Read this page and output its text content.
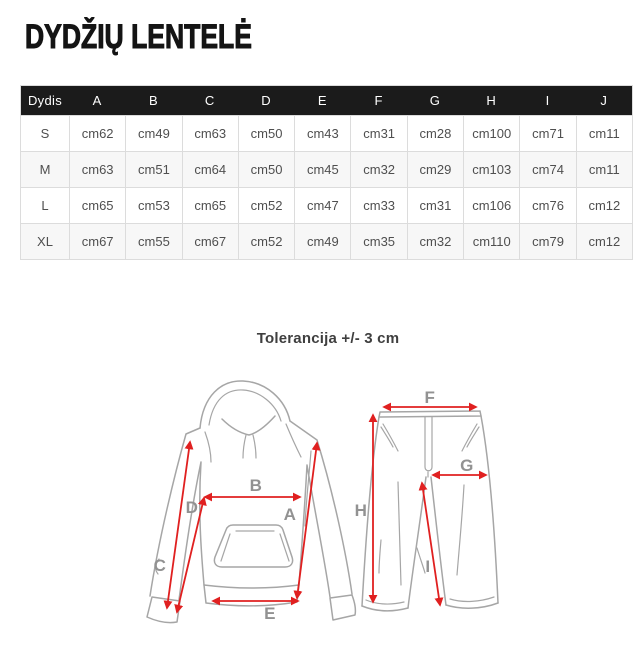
DYDŽIŲ LENTELĖ
Dydis	A	B	C	D	E	F	G	H	I	J
S	cm62	cm49	cm63	cm50	cm43	cm31	cm28	cm100	cm71	cm11
M	cm63	cm51	cm64	cm50	cm45	cm32	cm29	cm103	cm74	cm11
L	cm65	cm53	cm65	cm52	cm47	cm33	cm31	cm106	cm76	cm12
XL	cm67	cm55	cm67	cm52	cm49	cm35	cm32	cm110	cm79	cm12
Tolerancija +/- 3 cm
B
A
D
C
E
F
H
G
I
